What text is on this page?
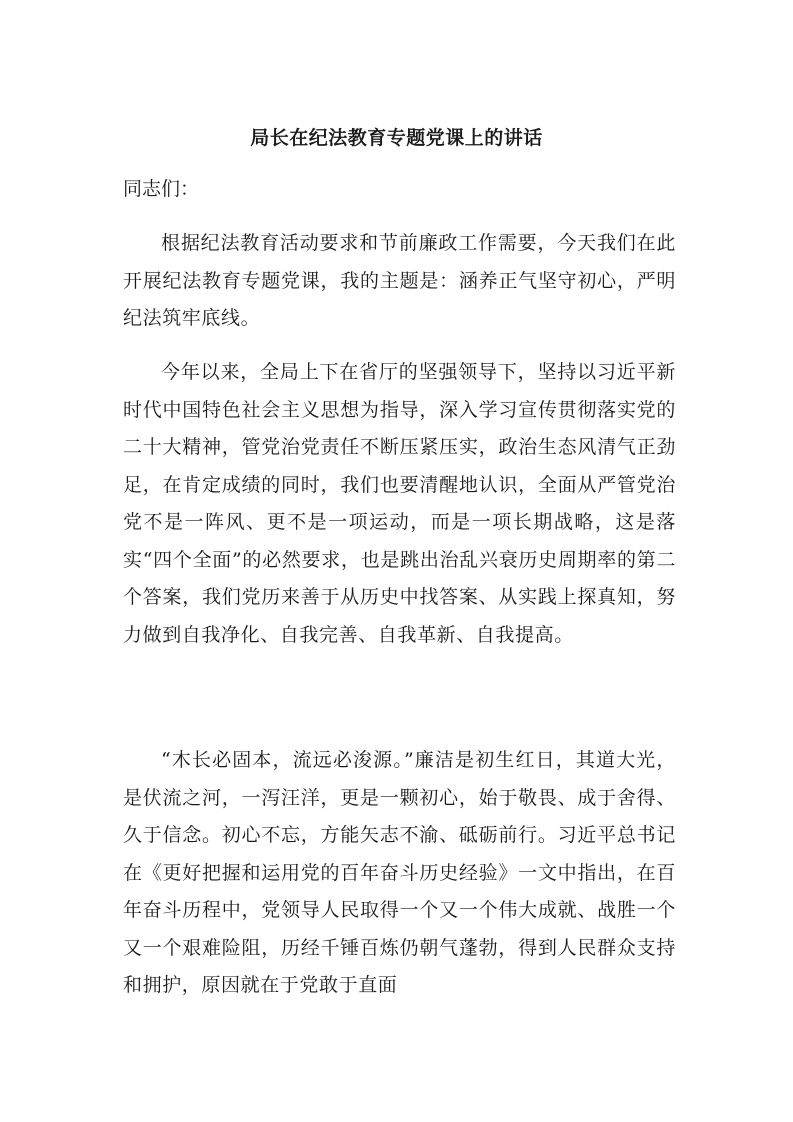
局长在纪法教育专题党课上的讲话

同志们：

根据纪法教育活动要求和节前廉政工作需要，今天我们在此开展纪法教育专题党课，我的主题是：涵养正气坚守初心，严明纪法筑牢底线。

今年以来，全局上下在省厅的坚强领导下，坚持以习近平新时代中国特色社会主义思想为指导，深入学习宣传贯彻落实党的二十大精神，管党治党责任不断压紧压实，政治生态风清气正劲足，在肯定成绩的同时，我们也要清醒地认识，全面从严管党治党不是一阵风、更不是一项运动，而是一项长期战略，这是落实“四个全面”的必然要求，也是跳出治乱兴衰历史周期率的第二个答案，我们党历来善于从历史中找答案、从实践上探真知，努力做到自我净化、自我完善、自我革新、自我提高。

“木长必固本，流远必浚源。”廉洁是初生红日，其道大光，是伏流之河，一泻汪洋，更是一颗初心，始于敬畏、成于舍得、久于信念。初心不忘，方能矢志不渝、砥砺前行。习近平总书记在《更好把握和运用党的百年奋斗历史经验》一文中指出，在百年奋斗历程中，党领导人民取得一个又一个伟大成就、战胜一个又一个艰难险阻，历经千锤百炼仍朝气蓬勃，得到人民群众支持和拥护，原因就在于党敢于直面
